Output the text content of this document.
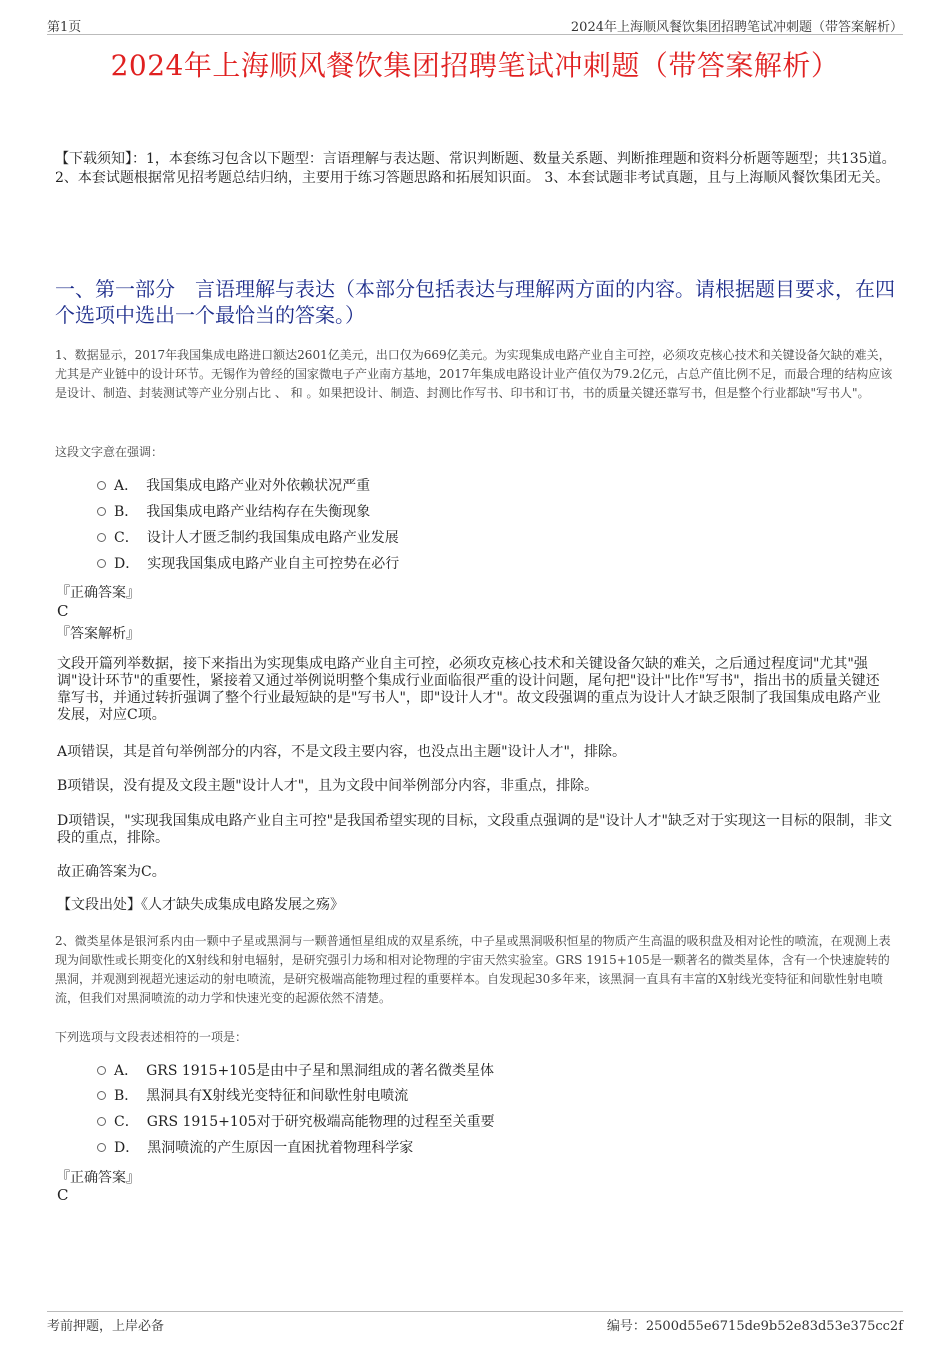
第1页	2024年上海顺风餐饮集团招聘笔试冲刺题（带答案解析）
2024年上海顺风餐饮集团招聘笔试冲刺题（带答案解析）
【下载须知】：1，本套练习包含以下题型：言语理解与表达题、常识判断题、数量关系题、判断推理题和资料分析题等题型；共135道。 2、本套试题根据常见招考题总结归纳，主要用于练习答题思路和拓展知识面。 3、本套试题非考试真题，且与上海顺风餐饮集团无关。
一、第一部分　言语理解与表达（本部分包括表达与理解两方面的内容。请根据题目要求，在四个选项中选出一个最恰当的答案。）
1、数据显示，2017年我国集成电路进口额达2601亿美元，出口仅为669亿美元。为实现集成电路产业自主可控，必须攻克核心技术和关键设备欠缺的难关，尤其是产业链中的设计环节。无锡作为曾经的国家微电子产业南方基地，2017年集成电路设计业产值仅为79.2亿元，占总产值比例不足，而最合理的结构应该是设计、制造、封装测试等产业分别占比 、 和 。如果把设计、制造、封测比作写书、印书和订书，书的质量关键还靠写书，但是整个行业都缺"写书人"。
这段文字意在强调：
A． 我国集成电路产业对外依赖状况严重
B． 我国集成电路产业结构存在失衡现象
C． 设计人才匮乏制约我国集成电路产业发展
D． 实现我国集成电路产业自主可控势在必行
『正确答案』
C
『答案解析』
文段开篇列举数据，接下来指出为实现集成电路产业自主可控，必须攻克核心技术和关键设备欠缺的难关，之后通过程度词"尤其"强调"设计环节"的重要性，紧接着又通过举例说明整个集成行业面临很严重的设计问题，尾句把"设计"比作"写书"，指出书的质量关键还靠写书，并通过转折强调了整个行业最短缺的是"写书人"，即"设计人才"。故文段强调的重点为设计人才缺乏限制了我国集成电路产业发展，对应C项。
A项错误，其是首句举例部分的内容，不是文段主要内容，也没点出主题"设计人才"，排除。
B项错误，没有提及文段主题"设计人才"，且为文段中间举例部分内容，非重点，排除。
D项错误，"实现我国集成电路产业自主可控"是我国希望实现的目标，文段重点强调的是"设计人才"缺乏对于实现这一目标的限制，非文段的重点，排除。
故正确答案为C。
【文段出处】《人才缺失成集成电路发展之殇》
2、微类星体是银河系内由一颗中子星或黑洞与一颗普通恒星组成的双星系统，中子星或黑洞吸积恒星的物质产生高温的吸积盘及相对论性的喷流，在观测上表现为间歇性或长期变化的X射线和射电辐射，是研究强引力场和相对论物理的宇宙天然实验室。GRS 1915+105是一颗著名的微类星体，含有一个快速旋转的黑洞，并观测到视超光速运动的射电喷流，是研究极端高能物理过程的重要样本。自发现起30多年来，该黑洞一直具有丰富的X射线光变特征和间歇性射电喷流，但我们对黑洞喷流的动力学和快速光变的起源依然不清楚。
下列选项与文段表述相符的一项是：
A． GRS 1915+105是由中子星和黑洞组成的著名微类星体
B． 黑洞具有X射线光变特征和间歇性射电喷流
C． GRS 1915+105对于研究极端高能物理的过程至关重要
D． 黑洞喷流的产生原因一直困扰着物理科学家
『正确答案』
C
考前押题，上岸必备	编号：2500d55e6715de9b52e83d53e375cc2f
